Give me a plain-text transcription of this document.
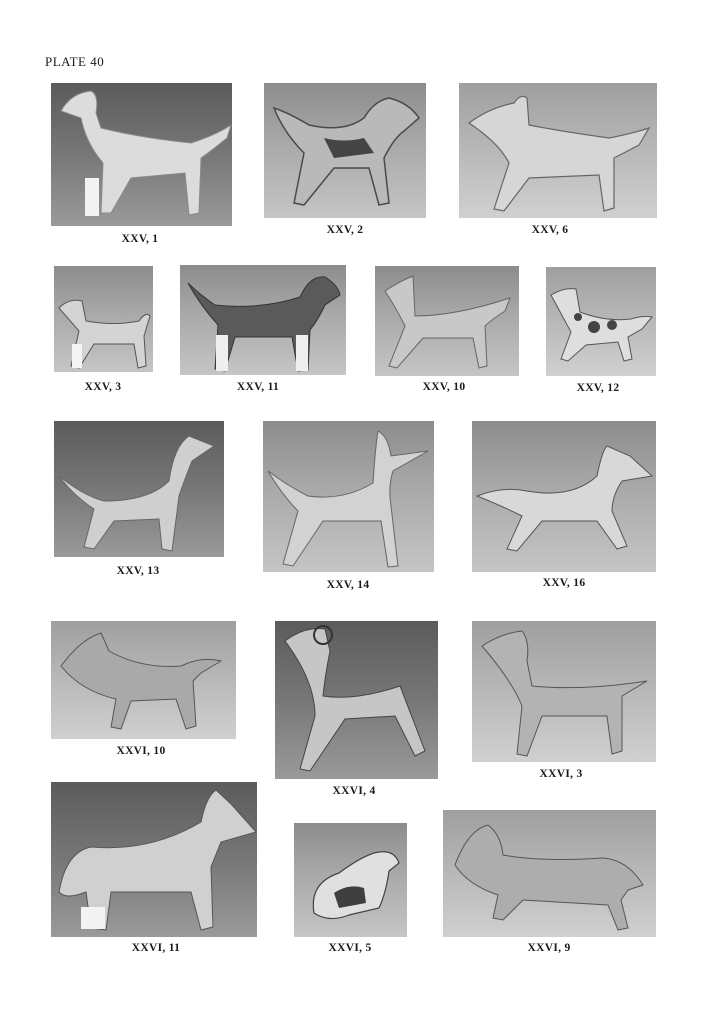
PLATE 40
XXV, 1
XXV, 2	XXV, 6
XXV, 3	XXV, 11	XXV, 10	XXV, 12
XXV, 13
XXV, 14	XXV, 16
XXVI, 10
XXVI, 4
XXVI, 3
XXVI, 11	XXVI, 5	XXVI, 9
